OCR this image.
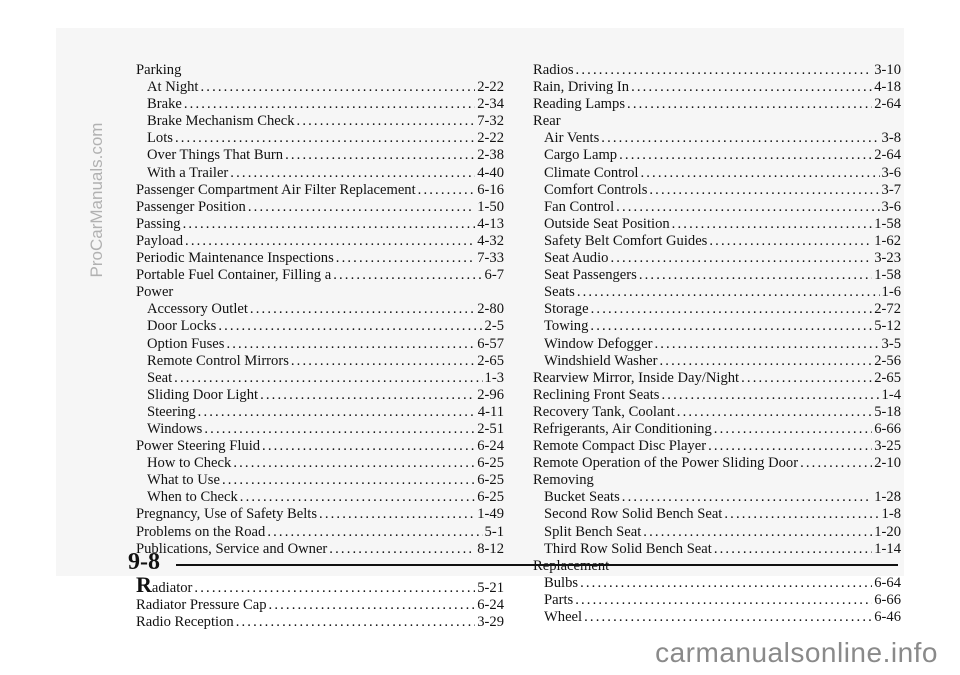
Parking
At Night . . .	2-22
Brake . . .	2-34
Brake Mechanism Check . . .	7-32
Lots . . .	2-22
Over Things That Burn . . .	2-38
With a Trailer . . .	4-40
Passenger Compartment Air Filter Replacement . . .	6-16
Passenger Position . . .	1-50
Passing . . .	4-13
Payload . . .	4-32
Periodic Maintenance Inspections . . .	7-33
Portable Fuel Container, Filling a . . .	6-7
Power
Accessory Outlet . . .	2-80
Door Locks . . .	2-5
Option Fuses . . .	6-57
Remote Control Mirrors . . .	2-65
Seat . . .	1-3
Sliding Door Light . . .	2-96
Steering . . .	4-11
Windows . . .	2-51
Power Steering Fluid . . .	6-24
How to Check . . .	6-25
What to Use . . .	6-25
When to Check . . .	6-25
Pregnancy, Use of Safety Belts . . .	1-49
Problems on the Road . . .	5-1
Publications, Service and Owner . . .	8-12
Radiator . . .	5-21
Radiator Pressure Cap . . .	6-24
Radio Reception . . .	3-29
Radios . . .	3-10
Rain, Driving In . . .	4-18
Reading Lamps . . .	2-64
Rear
Air Vents . . .	3-8
Cargo Lamp . . .	2-64
Climate Control . . .	3-6
Comfort Controls . . .	3-7
Fan Control . . .	3-6
Outside Seat Position . . .	1-58
Safety Belt Comfort Guides . . .	1-62
Seat Audio . . .	3-23
Seat Passengers . . .	1-58
Seats . . .	1-6
Storage . . .	2-72
Towing . . .	5-12
Window Defogger . . .	3-5
Windshield Washer . . .	2-56
Rearview Mirror, Inside Day/Night . . .	2-65
Reclining Front Seats . . .	1-4
Recovery Tank, Coolant . . .	5-18
Refrigerants, Air Conditioning . . .	6-66
Remote Compact Disc Player . . .	3-25
Remote Operation of the Power Sliding Door . . .	2-10
Removing
Bucket Seats . . .	1-28
Second Row Solid Bench Seat . . .	1-8
Split Bench Seat . . .	1-20
Third Row Solid Bench Seat . . .	1-14
Bulbs . . .	6-64
Parts . . .	6-66
Wheel . . .	6-46
9-8
ProCarManuals.com
carmanualsonline.info
